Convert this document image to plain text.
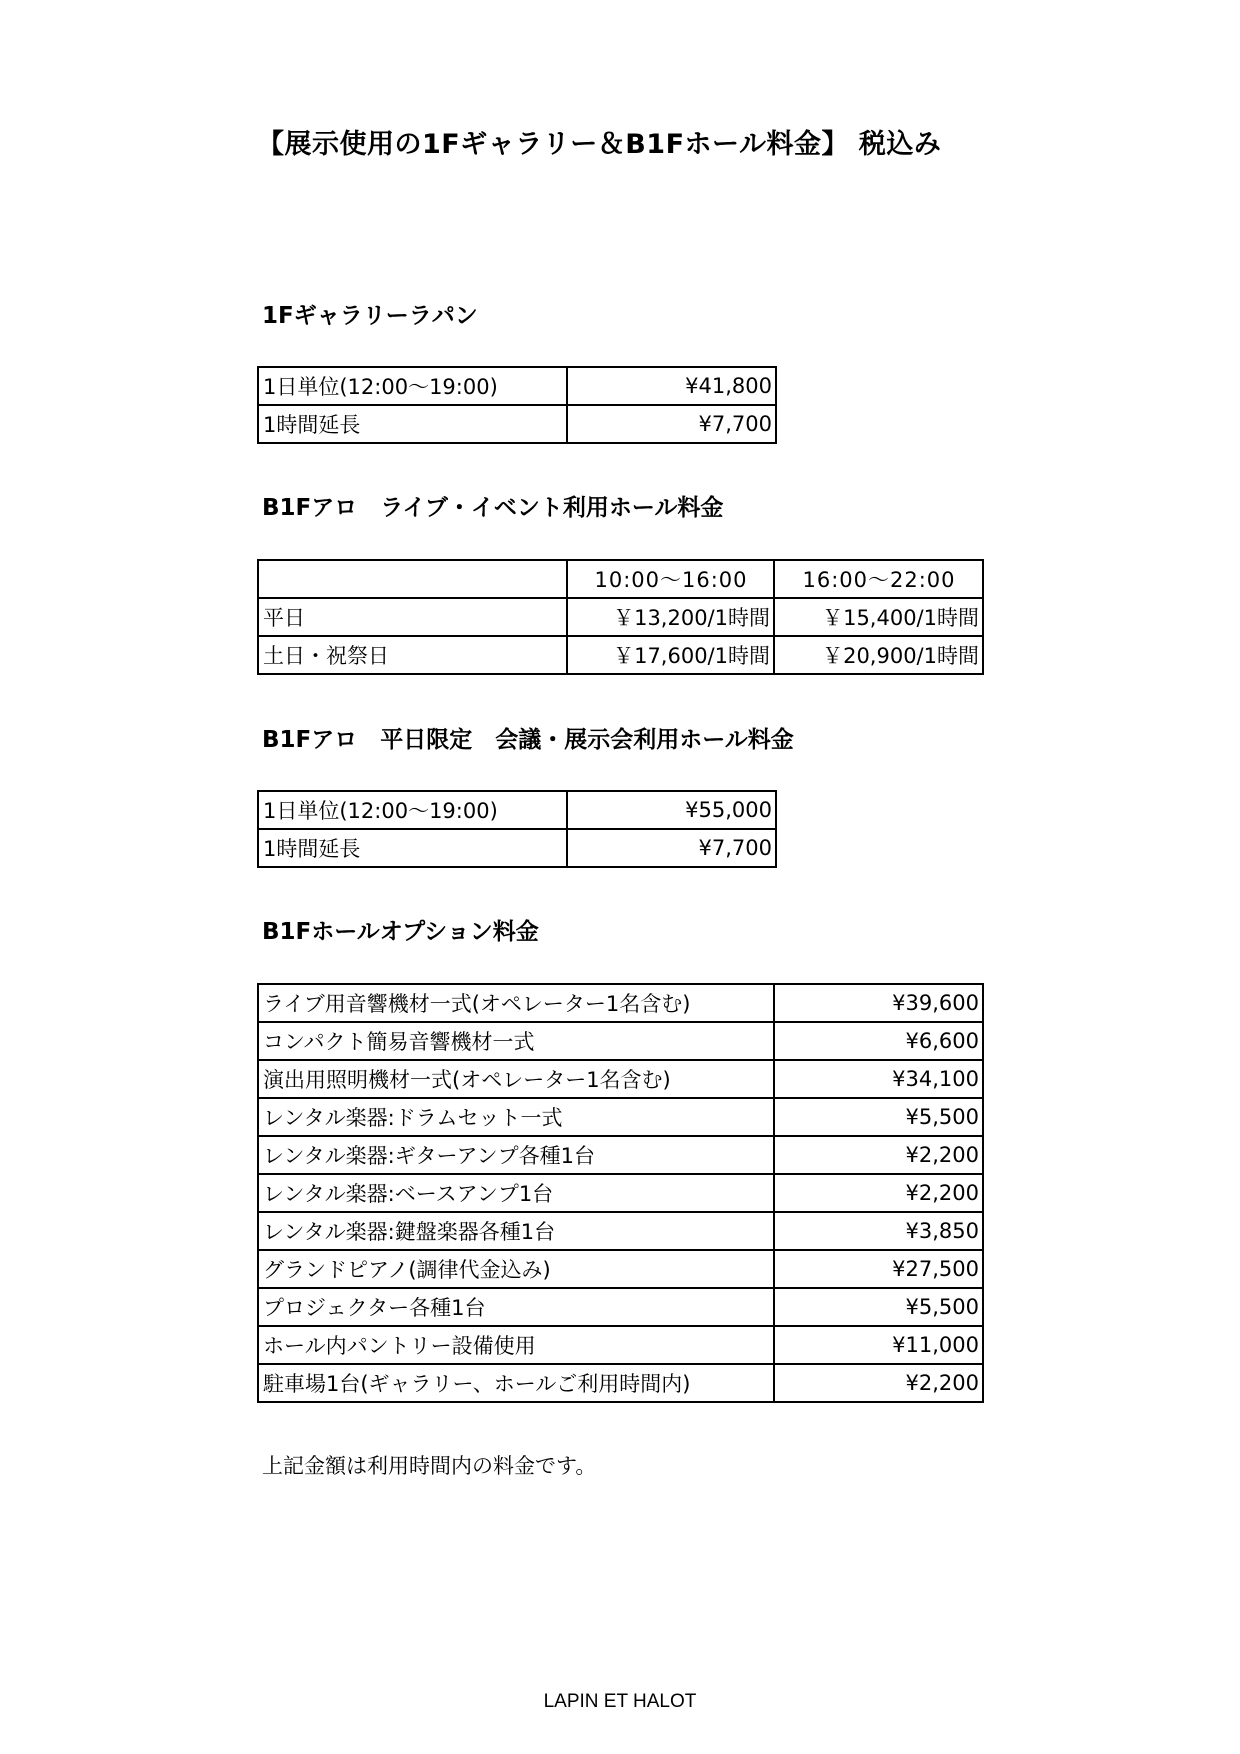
【展示使用の1Fギャラリー＆B1Fホール料金】 税込み
1Fギャラリーラパン
1日単位(12:00〜19:00)	¥41,800
1時間延長	¥7,700
B1Fアロ　ライブ・イベント利用ホール料金
	10:00〜16:00	16:00〜22:00
平日	￥13,200/1時間	￥15,400/1時間
土日・祝祭日	￥17,600/1時間	￥20,900/1時間
B1Fアロ　平日限定　会議・展示会利用ホール料金
1日単位(12:00〜19:00)	¥55,000
1時間延長	¥7,700
B1Fホールオプション料金
ライブ用音響機材一式(オペレーター1名含む)	¥39,600
コンパクト簡易音響機材一式	¥6,600
演出用照明機材一式(オペレーター1名含む)	¥34,100
レンタル楽器:ドラムセット一式	¥5,500
レンタル楽器:ギターアンプ各種1台	¥2,200
レンタル楽器:ベースアンプ1台	¥2,200
レンタル楽器:鍵盤楽器各種1台	¥3,850
グランドピアノ(調律代金込み)	¥27,500
プロジェクター各種1台	¥5,500
ホール内パントリー設備使用	¥11,000
駐車場1台(ギャラリー、ホールご利用時間内)	¥2,200
上記金額は利用時間内の料金です。
LAPIN ET HALOT
